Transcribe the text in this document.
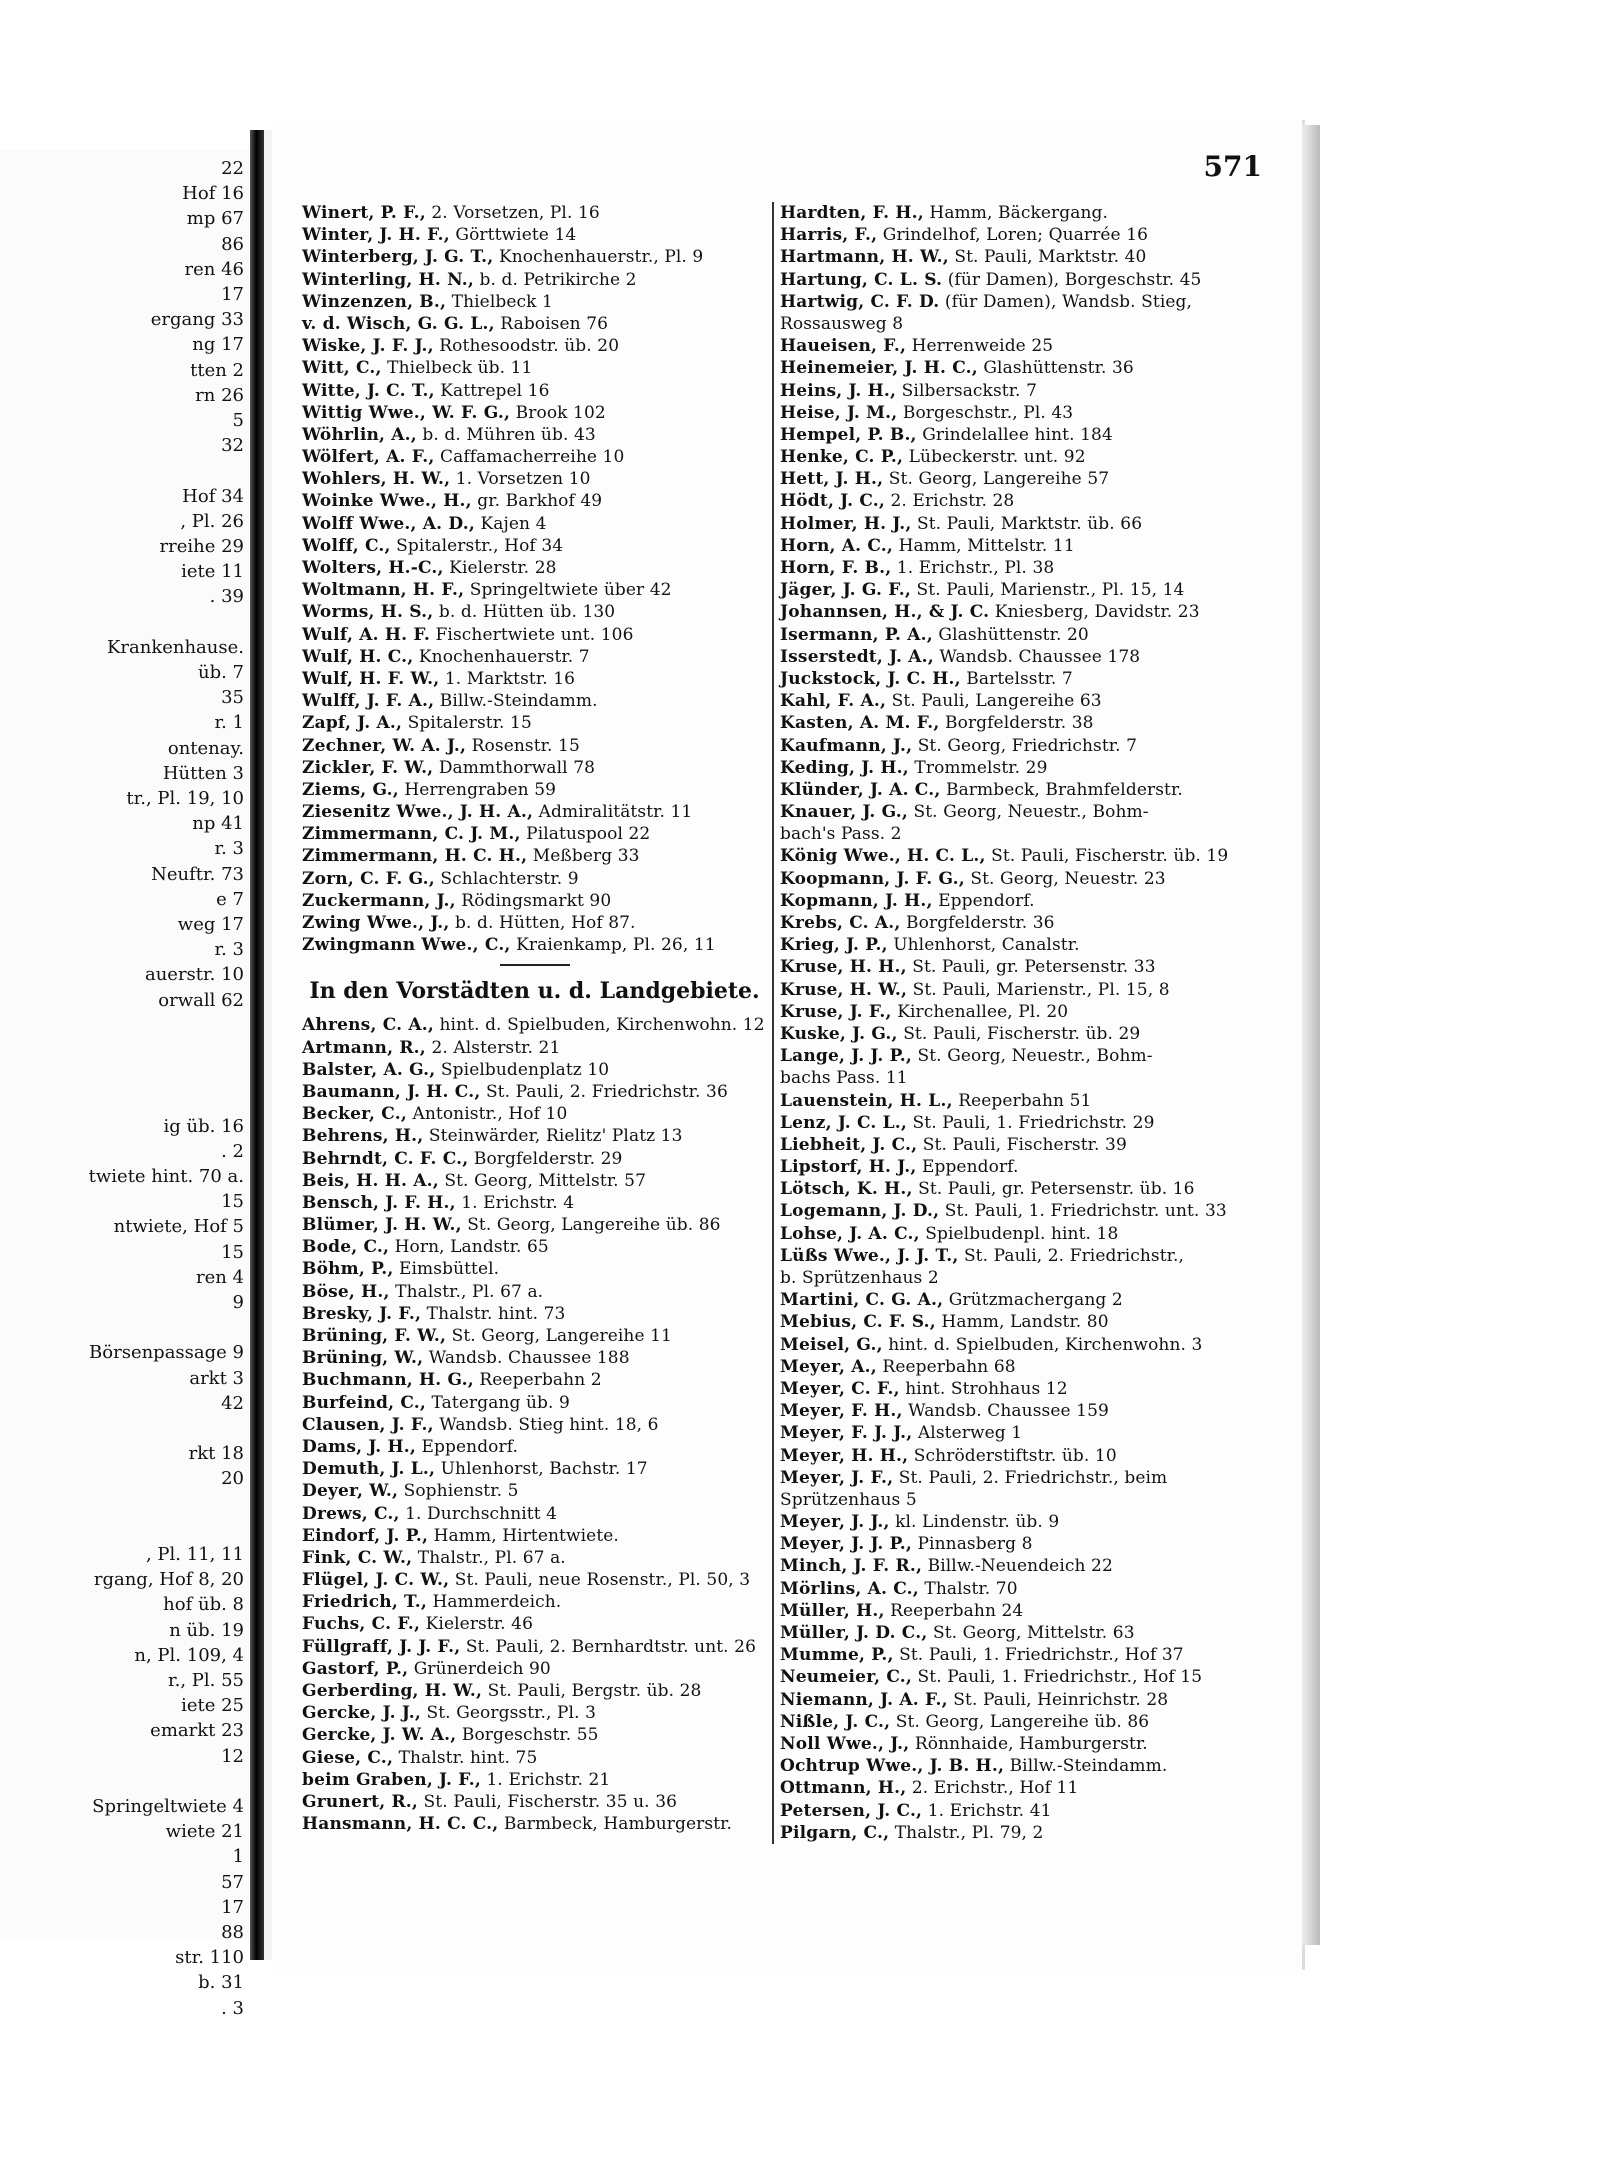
22
Hof 16
mp 67
86
ren 46
17
ergang 33
ng 17
tten 2
rn 26
5
32
Hof 34
, Pl. 26
rreihe 29
iete 11
. 39
Krankenhause.
üb. 7
35
r. 1
ontenay.
Hütten 3
tr., Pl. 19, 10
np 41
r. 3
Neuftr. 73
e 7
weg 17
r. 3
auerstr. 10
orwall 62
ig üb. 16
. 2
twiete hint. 70 a.
15
ntwiete, Hof 5
15
ren 4
9
Börsenpassage 9
arkt 3
42
rkt 18
20
, Pl. 11, 11
rgang, Hof 8, 20
hof üb. 8
n üb. 19
n, Pl. 109, 4
r., Pl. 55
iete 25
emarkt 23
12
Springeltwiete 4
wiete 21
1
57
17
88
str. 110
b. 31
. 3
571
Winert, P. F., 2. Vorsetzen, Pl. 16
Winter, J. H. F., Görttwiete 14
Winterberg, J. G. T., Knochenhauerstr., Pl. 9
Winterling, H. N., b. d. Petrikirche 2
Winzenzen, B., Thielbeck 1
v. d. Wisch, G. G. L., Raboisen 76
Wiske, J. F. J., Rothesoodstr. üb. 20
Witt, C., Thielbeck üb. 11
Witte, J. C. T., Kattrepel 16
Wittig Wwe., W. F. G., Brook 102
Wöhrlin, A., b. d. Mühren üb. 43
Wölfert, A. F., Caffamacherreihe 10
Wohlers, H. W., 1. Vorsetzen 10
Woinke Wwe., H., gr. Barkhof 49
Wolff Wwe., A. D., Kajen 4
Wolff, C., Spitalerstr., Hof 34
Wolters, H.-C., Kielerstr. 28
Woltmann, H. F., Springeltwiete über 42
Worms, H. S., b. d. Hütten üb. 130
Wulf, A. H. F. Fischertwiete unt. 106
Wulf, H. C., Knochenhauerstr. 7
Wulf, H. F. W., 1. Marktstr. 16
Wulff, J. F. A., Billw.-Steindamm.
Zapf, J. A., Spitalerstr. 15
Zechner, W. A. J., Rosenstr. 15
Zickler, F. W., Dammthorwall 78
Ziems, G., Herrengraben 59
Ziesenitz Wwe., J. H. A., Admiralitätstr. 11
Zimmermann, C. J. M., Pilatuspool 22
Zimmermann, H. C. H., Meßberg 33
Zorn, C. F. G., Schlachterstr. 9
Zuckermann, J., Rödingsmarkt 90
Zwing Wwe., J., b. d. Hütten, Hof 87.
Zwingmann Wwe., C., Kraienkamp, Pl. 26, 11
In den Vorstädten u. d. Landgebiete.
Ahrens, C. A., hint. d. Spielbuden, Kirchenwohn. 12
Artmann, R., 2. Alsterstr. 21
Balster, A. G., Spielbudenplatz 10
Baumann, J. H. C., St. Pauli, 2. Friedrichstr. 36
Becker, C., Antonistr., Hof 10
Behrens, H., Steinwärder, Rielitz' Platz 13
Behrndt, C. F. C., Borgfelderstr. 29
Beis, H. H. A., St. Georg, Mittelstr. 57
Bensch, J. F. H., 1. Erichstr. 4
Blümer, J. H. W., St. Georg, Langereihe üb. 86
Bode, C., Horn, Landstr. 65
Böhm, P., Eimsbüttel.
Böse, H., Thalstr., Pl. 67 a.
Bresky, J. F., Thalstr. hint. 73
Brüning, F. W., St. Georg, Langereihe 11
Brüning, W., Wandsb. Chaussee 188
Buchmann, H. G., Reeperbahn 2
Burfeind, C., Tatergang üb. 9
Clausen, J. F., Wandsb. Stieg hint. 18, 6
Dams, J. H., Eppendorf.
Demuth, J. L., Uhlenhorst, Bachstr. 17
Deyer, W., Sophienstr. 5
Drews, C., 1. Durchschnitt 4
Eindorf, J. P., Hamm, Hirtentwiete.
Fink, C. W., Thalstr., Pl. 67 a.
Flügel, J. C. W., St. Pauli, neue Rosenstr., Pl. 50, 3
Friedrich, T., Hammerdeich.
Fuchs, C. F., Kielerstr. 46
Füllgraff, J. J. F., St. Pauli, 2. Bernhardtstr. unt. 26
Gastorf, P., Grünerdeich 90
Gerberding, H. W., St. Pauli, Bergstr. üb. 28
Gercke, J. J., St. Georgsstr., Pl. 3
Gercke, J. W. A., Borgeschstr. 55
Giese, C., Thalstr. hint. 75
beim Graben, J. F., 1. Erichstr. 21
Grunert, R., St. Pauli, Fischerstr. 35 u. 36
Hansmann, H. C. C., Barmbeck, Hamburgerstr.
Hardten, F. H., Hamm, Bäckergang.
Harris, F., Grindelhof, Loren; Quarrée 16
Hartmann, H. W., St. Pauli, Marktstr. 40
Hartung, C. L. S. (für Damen), Borgeschstr. 45
Hartwig, C. F. D. (für Damen), Wandsb. Stieg,
Rossausweg 8
Haueisen, F., Herrenweide 25
Heinemeier, J. H. C., Glashüttenstr. 36
Heins, J. H., Silbersackstr. 7
Heise, J. M., Borgeschstr., Pl. 43
Hempel, P. B., Grindelallee hint. 184
Henke, C. P., Lübeckerstr. unt. 92
Hett, J. H., St. Georg, Langereihe 57
Hödt, J. C., 2. Erichstr. 28
Holmer, H. J., St. Pauli, Marktstr. üb. 66
Horn, A. C., Hamm, Mittelstr. 11
Horn, F. B., 1. Erichstr., Pl. 38
Jäger, J. G. F., St. Pauli, Marienstr., Pl. 15, 14
Johannsen, H., & J. C. Kniesberg, Davidstr. 23
Isermann, P. A., Glashüttenstr. 20
Isserstedt, J. A., Wandsb. Chaussee 178
Juckstock, J. C. H., Bartelsstr. 7
Kahl, F. A., St. Pauli, Langereihe 63
Kasten, A. M. F., Borgfelderstr. 38
Kaufmann, J., St. Georg, Friedrichstr. 7
Keding, J. H., Trommelstr. 29
Klünder, J. A. C., Barmbeck, Brahmfelderstr.
Knauer, J. G., St. Georg, Neuestr., Bohm-
bach's Pass. 2
König Wwe., H. C. L., St. Pauli, Fischerstr. üb. 19
Koopmann, J. F. G., St. Georg, Neuestr. 23
Kopmann, J. H., Eppendorf.
Krebs, C. A., Borgfelderstr. 36
Krieg, J. P., Uhlenhorst, Canalstr.
Kruse, H. H., St. Pauli, gr. Petersenstr. 33
Kruse, H. W., St. Pauli, Marienstr., Pl. 15, 8
Kruse, J. F., Kirchenallee, Pl. 20
Kuske, J. G., St. Pauli, Fischerstr. üb. 29
Lange, J. J. P., St. Georg, Neuestr., Bohm-
bachs Pass. 11
Lauenstein, H. L., Reeperbahn 51
Lenz, J. C. L., St. Pauli, 1. Friedrichstr. 29
Liebheit, J. C., St. Pauli, Fischerstr. 39
Lipstorf, H. J., Eppendorf.
Lötsch, K. H., St. Pauli, gr. Petersenstr. üb. 16
Logemann, J. D., St. Pauli, 1. Friedrichstr. unt. 33
Lohse, J. A. C., Spielbudenpl. hint. 18
Lüßs Wwe., J. J. T., St. Pauli, 2. Friedrichstr.,
b. Sprützenhaus 2
Martini, C. G. A., Grützmachergang 2
Mebius, C. F. S., Hamm, Landstr. 80
Meisel, G., hint. d. Spielbuden, Kirchenwohn. 3
Meyer, A., Reeperbahn 68
Meyer, C. F., hint. Strohhaus 12
Meyer, F. H., Wandsb. Chaussee 159
Meyer, F. J. J., Alsterweg 1
Meyer, H. H., Schröderstiftstr. üb. 10
Meyer, J. F., St. Pauli, 2. Friedrichstr., beim
Sprützenhaus 5
Meyer, J. J., kl. Lindenstr. üb. 9
Meyer, J. J. P., Pinnasberg 8
Minch, J. F. R., Billw.-Neuendeich 22
Mörlins, A. C., Thalstr. 70
Müller, H., Reeperbahn 24
Müller, J. D. C., St. Georg, Mittelstr. 63
Mumme, P., St. Pauli, 1. Friedrichstr., Hof 37
Neumeier, C., St. Pauli, 1. Friedrichstr., Hof 15
Niemann, J. A. F., St. Pauli, Heinrichstr. 28
Nißle, J. C., St. Georg, Langereihe üb. 86
Noll Wwe., J., Rönnhaide, Hamburgerstr.
Ochtrup Wwe., J. B. H., Billw.-Steindamm.
Ottmann, H., 2. Erichstr., Hof 11
Petersen, J. C., 1. Erichstr. 41
Pilgarn, C., Thalstr., Pl. 79, 2
